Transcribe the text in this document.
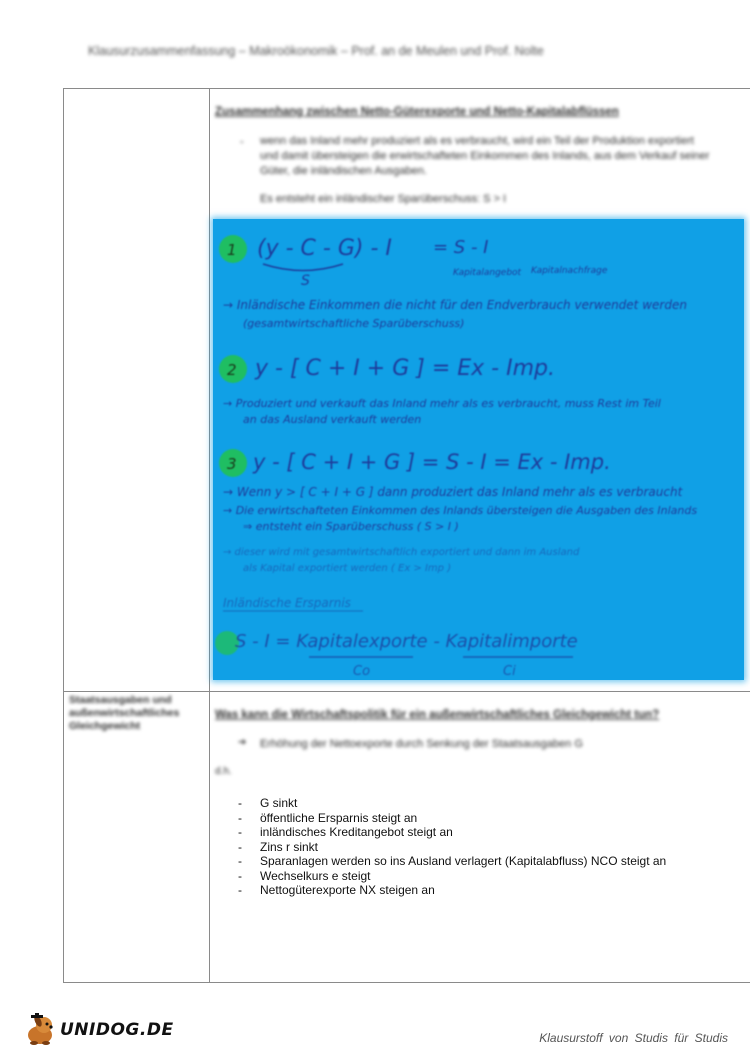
Klausurzusammenfassung – Makroökonomik – Prof. an de Meulen und Prof. Nolte
Zusammenhang zwischen Netto-Güterexporte und Netto-Kapitalabflüssen
- wenn das Inland mehr produziert als es verbraucht, wird ein Teil der Produktion exportiert und damit übersteigen die erwirtschafteten Einkommen des Inlands, aus dem Verkauf seiner Güter, die inländischen Ausgaben.
Es entsteht ein inländischer Sparüberschuss: S > I
1 (y - C - G) - I = S - I
S	Kapitalangebot Kapitalnachfrage
→ Inländische Einkommen die nicht für den Endverbrauch verwendet werden
(gesamtwirtschaftliche Sparüberschuss)
2 y - [ C + I + G ] = Ex - Imp.
→ Produziert und verkauft das Inland mehr als es verbraucht, muss Rest im Teil
an das Ausland verkauft werden
3 y - [ C + I + G ] = S - I = Ex - Imp.
→ Wenn y > [ C + I + G ] dann produziert das Inland mehr als es verbraucht
→ Die erwirtschafteten Einkommen des Inlands übersteigen die Ausgaben des Inlands
⇒ entsteht ein Sparüberschuss ( S > I )
→ dieser wird mit gesamtwirtschaftlich exportiert und dann im Ausland
als Kapital exportiert werden ( Ex > Imp )
Inländische Ersparnis
S - I = Kapitalexporte - Kapitalimporte
Co	Ci
Staatsausgaben und außenwirtschaftliches Gleichgewicht
Was kann die Wirtschaftspolitik für ein außenwirtschaftliches Gleichgewicht tun?
➔ Erhöhung der Nettoexporte durch Senkung der Staatsausgaben G
d.h.
-	G sinkt
-	öffentliche Ersparnis steigt an
-	inländisches Kreditangebot steigt an
-	Zins r sinkt
-	Sparanlagen werden so ins Ausland verlagert (Kapitalabfluss) NCO steigt an
-	Wechselkurs e steigt
-	Nettogüterexporte NX steigen an
UNIDOG.DE	Klausurstoff von Studis für Studis
